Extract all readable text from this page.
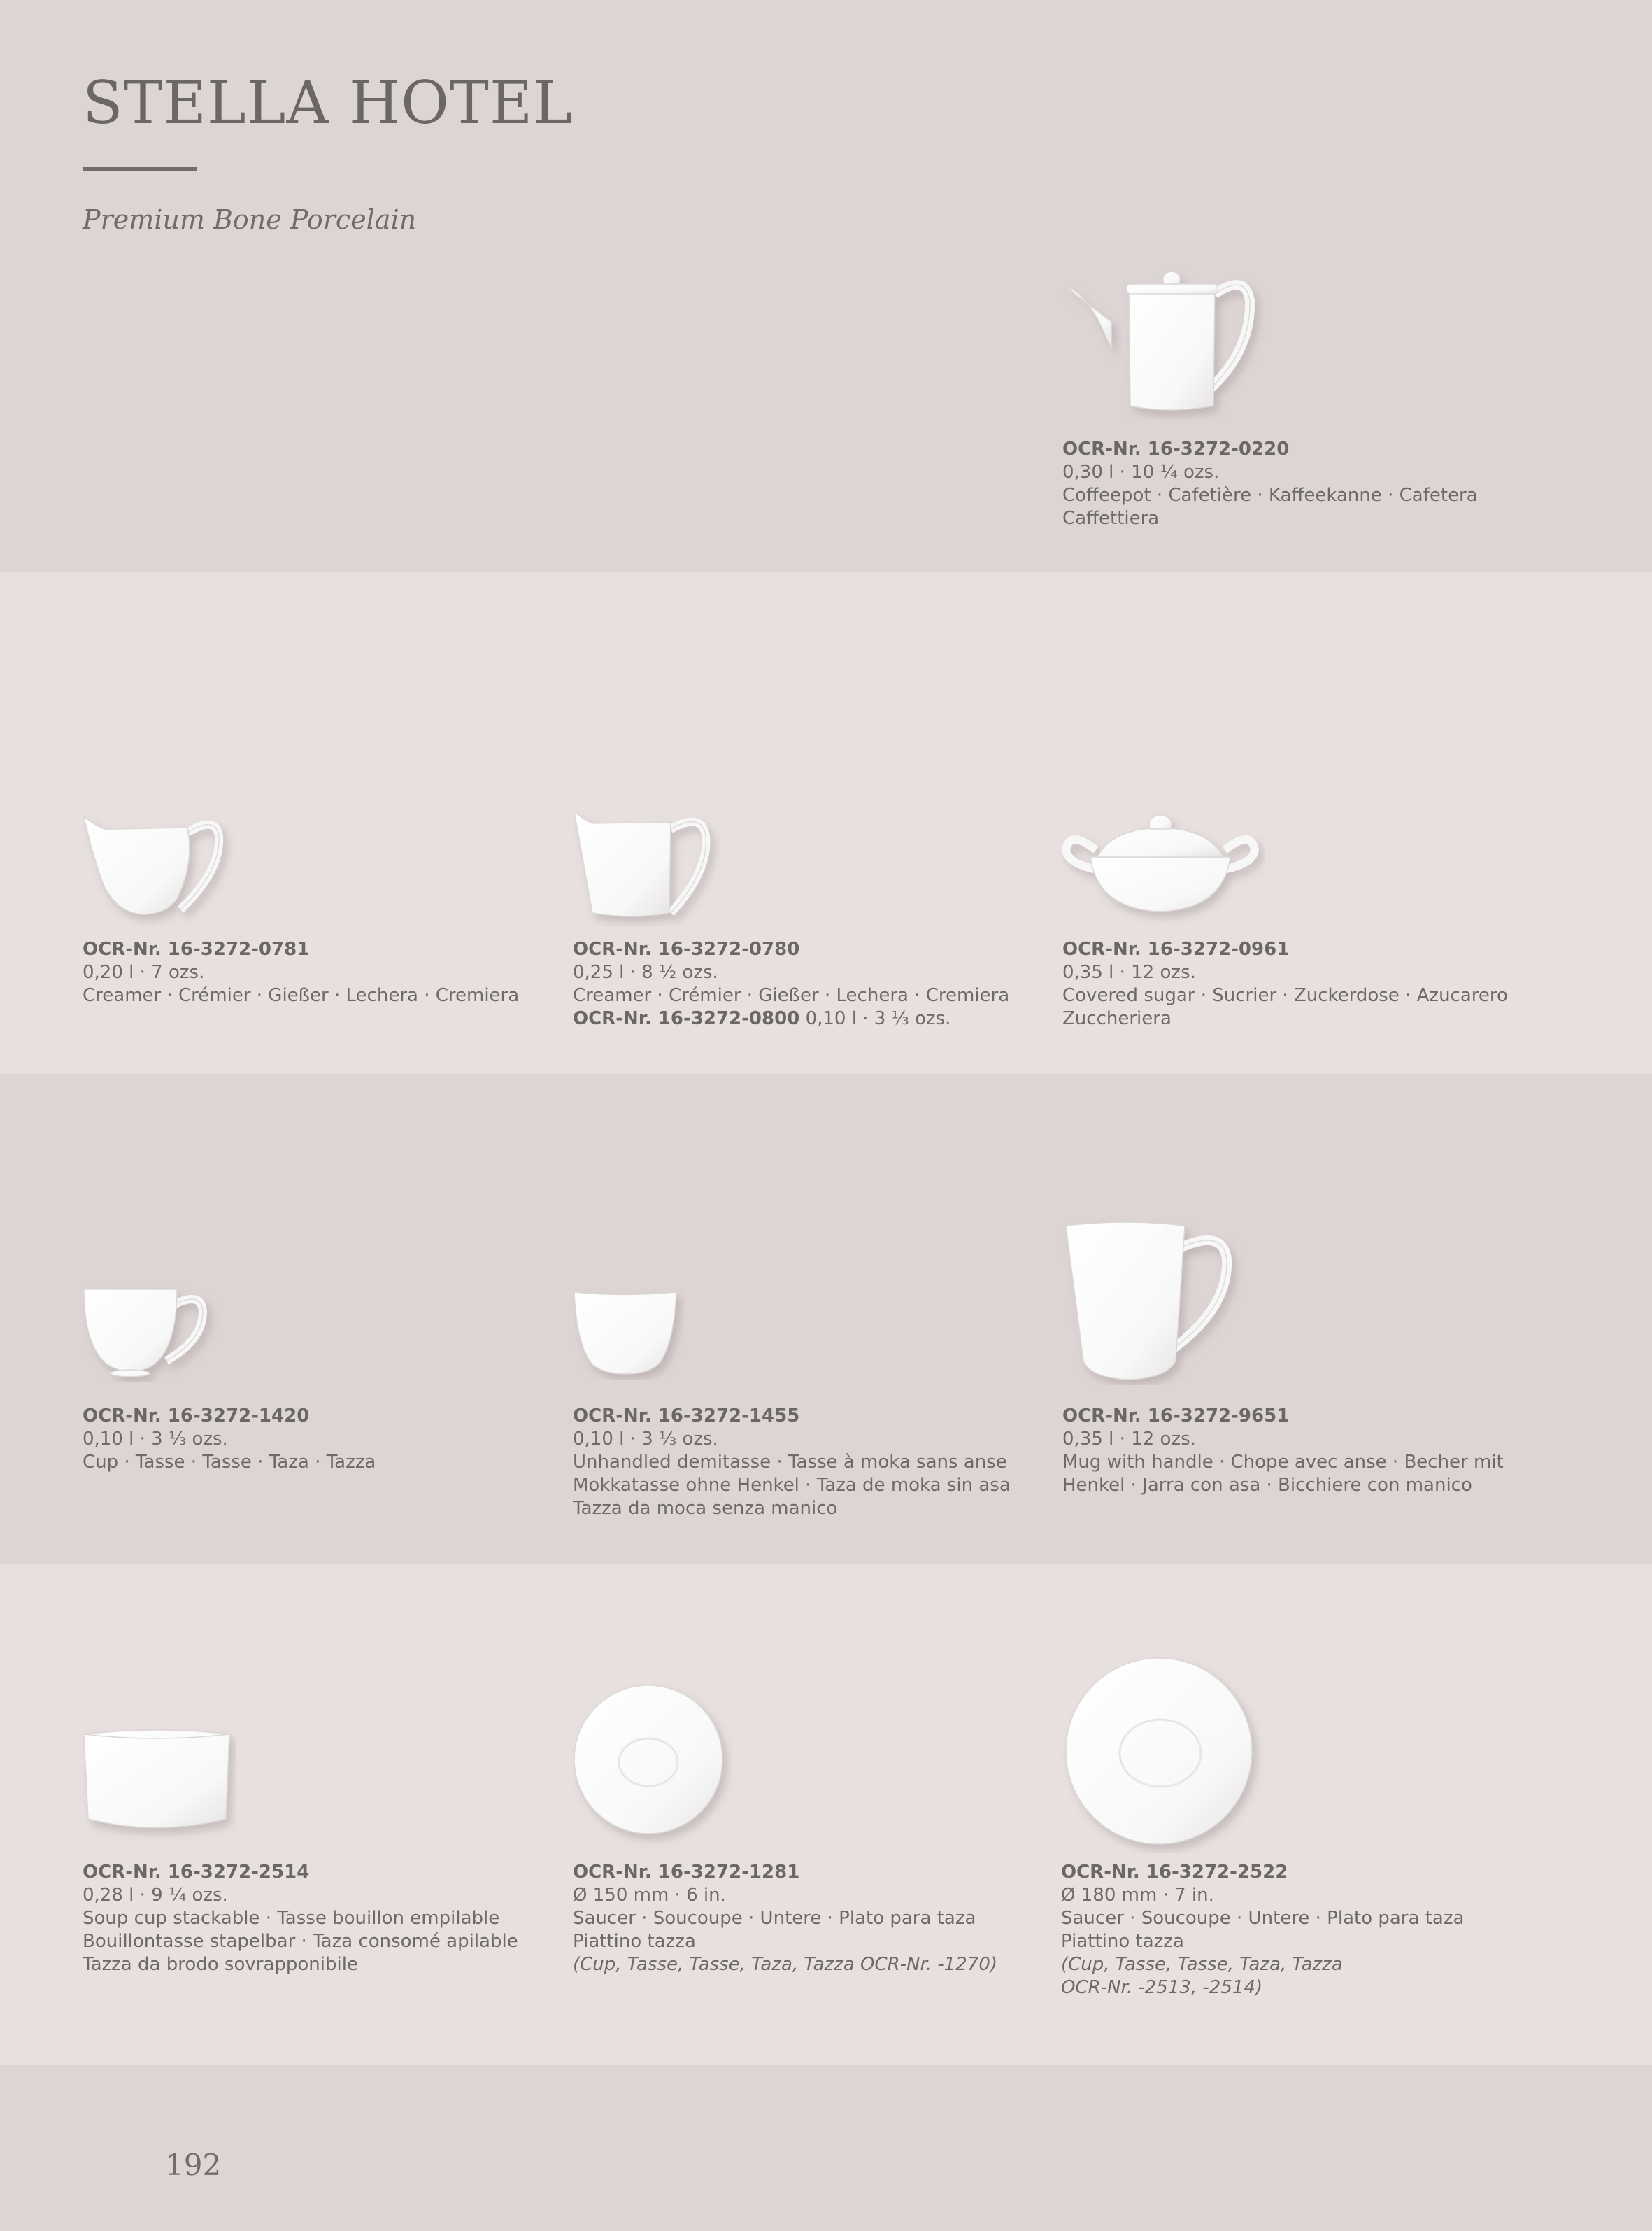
STELLA HOTEL
Premium Bone Porcelain
OCR-Nr. 16-3272-0220
0,30 l · 10 ¼ ozs.
Coffeepot · Cafetière · Kaffeekanne · Cafetera
Caffettiera
OCR-Nr. 16-3272-0781
0,20 l · 7 ozs.
Creamer · Crémier · Gießer · Lechera · Cremiera
OCR-Nr. 16-3272-0780
0,25 l · 8 ½ ozs.
Creamer · Crémier · Gießer · Lechera · Cremiera
OCR-Nr. 16-3272-0800 0,10 l · 3 ⅓ ozs.
OCR-Nr. 16-3272-0961
0,35 l · 12 ozs.
Covered sugar · Sucrier · Zuckerdose · Azucarero
Zuccheriera
OCR-Nr. 16-3272-1420
0,10 l · 3 ⅓ ozs.
Cup · Tasse · Tasse · Taza · Tazza
OCR-Nr. 16-3272-1455
0,10 l · 3 ⅓ ozs.
Unhandled demitasse · Tasse à moka sans anse
Mokkatasse ohne Henkel · Taza de moka sin asa
Tazza da moca senza manico
OCR-Nr. 16-3272-9651
0,35 l · 12 ozs.
Mug with handle · Chope avec anse · Becher mit
Henkel · Jarra con asa · Bicchiere con manico
OCR-Nr. 16-3272-2514
0,28 l · 9 ¼ ozs.
Soup cup stackable · Tasse bouillon empilable
Bouillontasse stapelbar · Taza consomé apilable
Tazza da brodo sovrapponibile
OCR-Nr. 16-3272-1281
Ø 150 mm · 6 in.
Saucer · Soucoupe · Untere · Plato para taza
Piattino tazza
(Cup, Tasse, Tasse, Taza, Tazza OCR-Nr. -1270)
OCR-Nr. 16-3272-2522
Ø 180 mm · 7 in.
Saucer · Soucoupe · Untere · Plato para taza
Piattino tazza
(Cup, Tasse, Tasse, Taza, Tazza
OCR-Nr. -2513, -2514)
192
